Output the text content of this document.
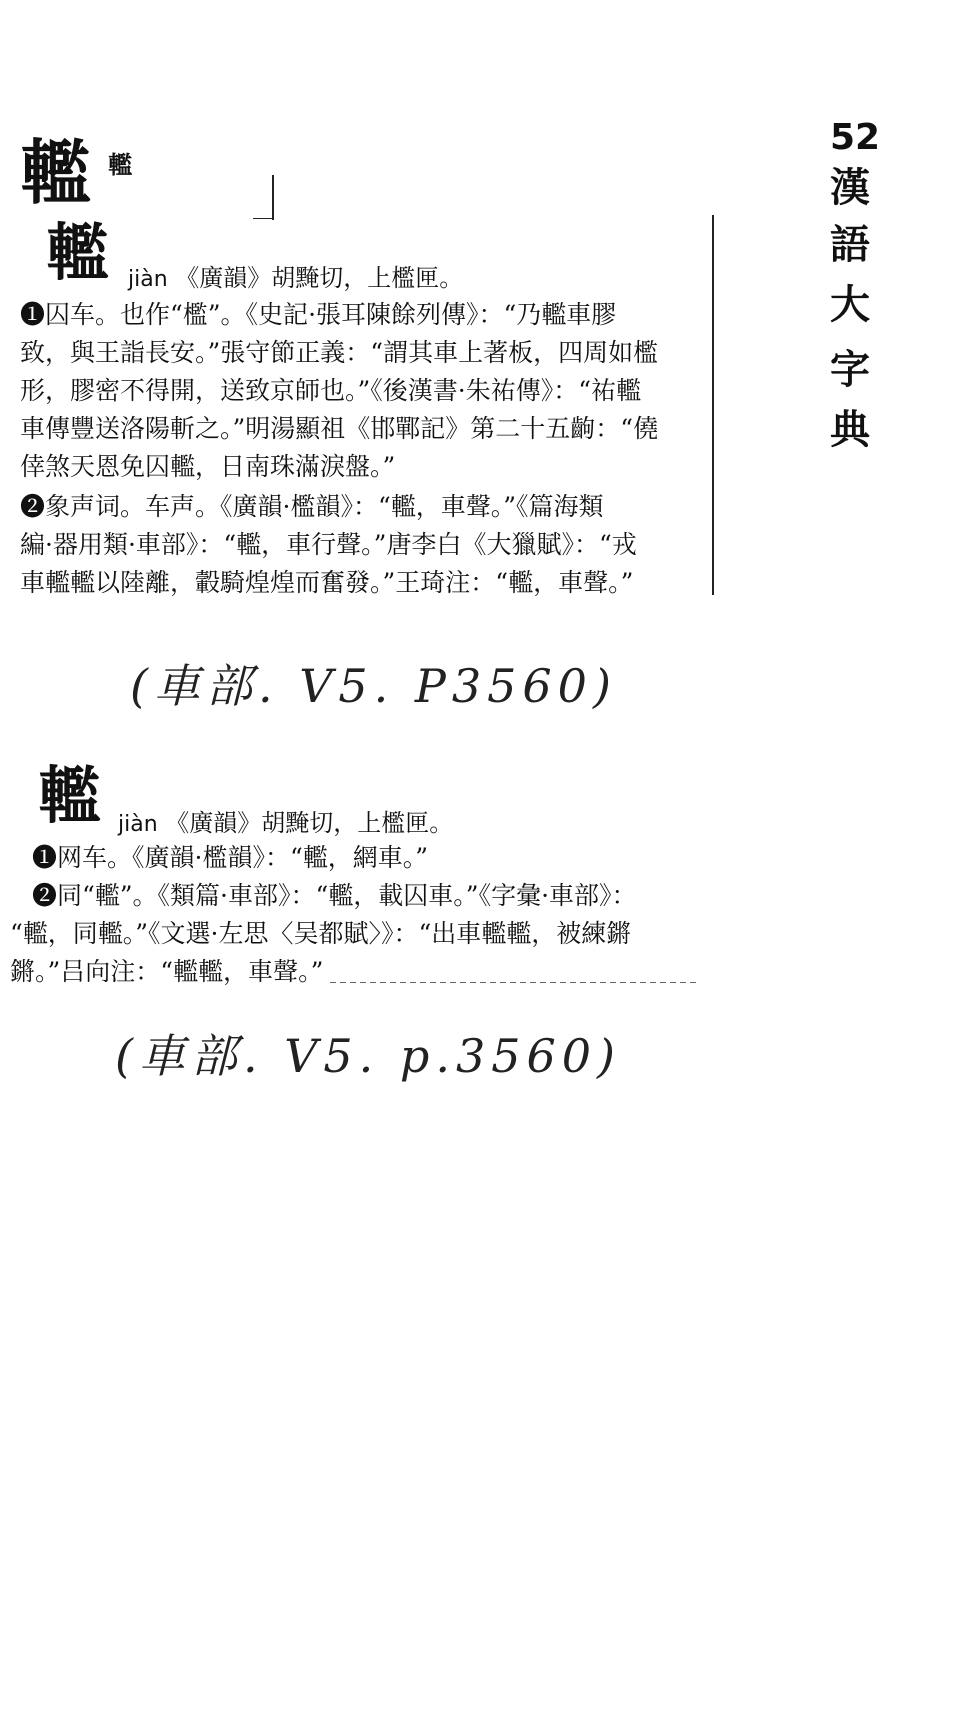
轞 轞
52
漢
語
大
字
典
轞 jiàn 《廣韻》胡黤切，上檻匣。
❶囚车。也作“檻”。《史記·張耳陳餘列傳》：“乃轞車膠
致，與王詣長安。”張守節正義：“謂其車上著板，四周如檻
形，膠密不得開，送致京師也。”《後漢書·朱祐傳》：“祐轞
車傳豐送洛陽斬之。”明湯顯祖《邯鄲記》第二十五齣：“僥
倖煞天恩免囚轞，日南珠滿淚盤。”
❷象声词。车声。《廣韻·檻韻》：“轞，車聲。”《篇海類
編·器用類·車部》：“轞，車行聲。”唐李白《大獵賦》：“戎
車轞轞以陸離，轂騎煌煌而奮發。”王琦注：“轞，車聲。”
(車部. V5. P3560)
轞 jiàn 《廣韻》胡黤切，上檻匣。
❶网车。《廣韻·檻韻》：“轞，網車。”
❷同“轞”。《類篇·車部》：“轞，載囚車。”《字彙·車部》：
“轞，同轞。”《文選·左思〈吴都賦〉》：“出車轞轞，被練鏘
鏘。”吕向注：“轞轞，車聲。”
(車部. V5. p.3560)
